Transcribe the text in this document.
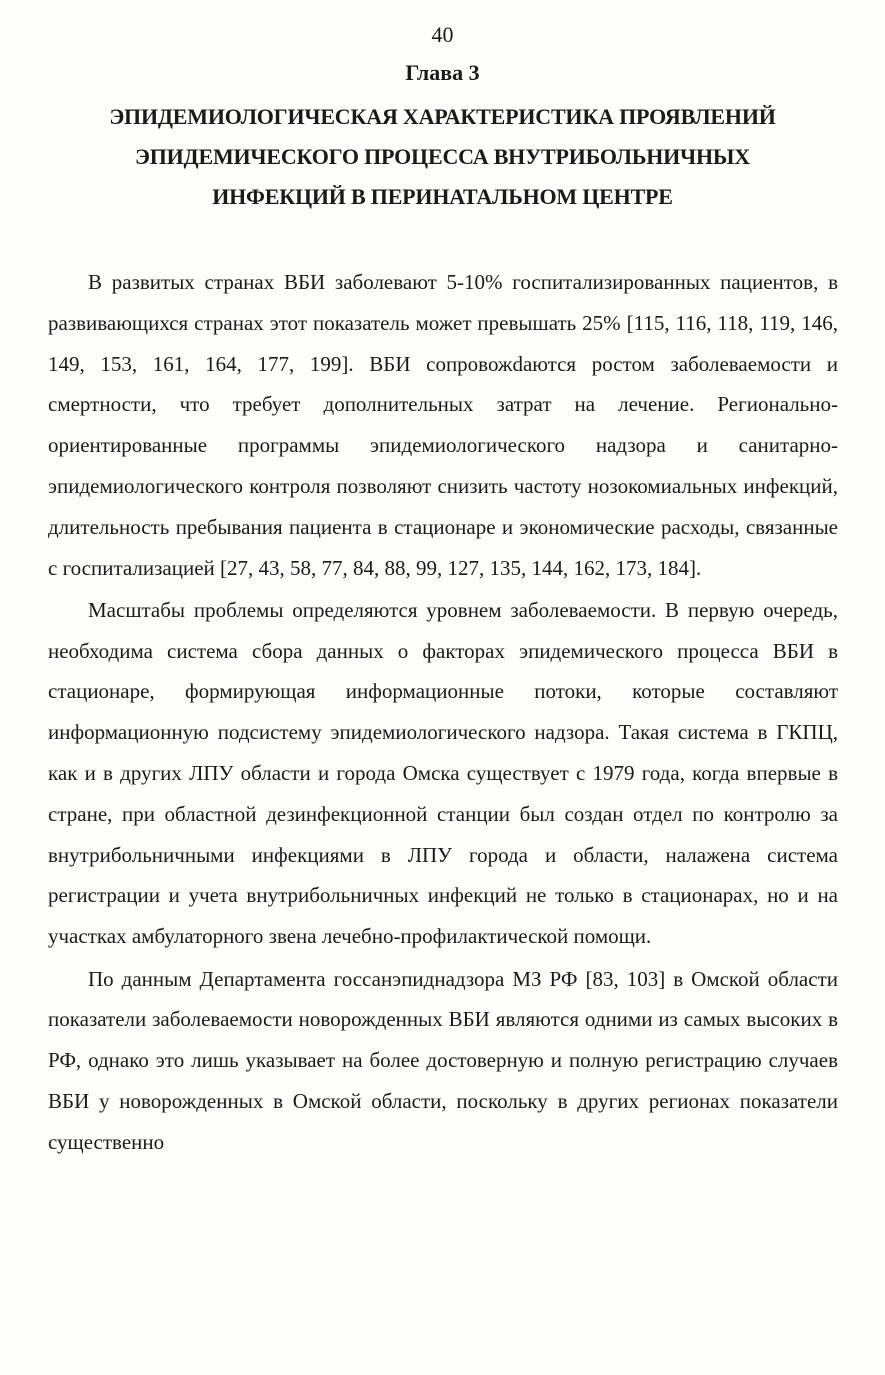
40
Глава 3
ЭПИДЕМИОЛОГИЧЕСКАЯ ХАРАКТЕРИСТИКА ПРОЯВЛЕНИЙ
ЭПИДЕМИЧЕСКОГО ПРОЦЕССА ВНУТРИБОЛЬНИЧНЫХ
ИНФЕКЦИЙ В ПЕРИНАТАЛЬНОМ ЦЕНТРЕ

В развитых странах ВБИ заболевают 5-10% госпитализированных пациентов, в развивающихся странах этот показатель может превышать 25% [115, 116, 118, 119, 146, 149, 153, 161, 164, 177, 199]. ВБИ сопровожdаются ростом заболеваемости и смертности, что требует дополнительных затрат на лечение. Регионально-ориентированные программы эпидемиологического надзора и санитарно-эпидемиологического контроля позволяют снизить частоту нозокомиальных инфекций, длительность пребывания пациента в стационаре и экономические расходы, связанные с госпитализацией [27, 43, 58, 77, 84, 88, 99, 127, 135, 144, 162, 173, 184].

Масштабы проблемы определяются уровнем заболеваемости. В первую очередь, необходима система сбора данных о факторах эпидемического процесса ВБИ в стационаре, формирующая информационные потоки, которые составляют информационную подсистему эпидемиологического надзора. Такая система в ГКПЦ, как и в других ЛПУ области и города Омска существует с 1979 года, когда впервые в стране, при областной дезинфекционной станции был создан отдел по контролю за внутрибольничными инфекциями в ЛПУ города и области, налажена система регистрации и учета внутрибольничных инфекций не только в стационарах, но и на участках амбулаторного звена лечебно-профилактической помощи.

По данным Департамента госсанэпиднадзора МЗ РФ [83, 103] в Омской области показатели заболеваемости новорожденных ВБИ являются одними из самых высоких в РФ, однако это лишь указывает на более достоверную и полную регистрацию случаев ВБИ у новорожденных в Омской области, поскольку в других регионах показатели существенно
